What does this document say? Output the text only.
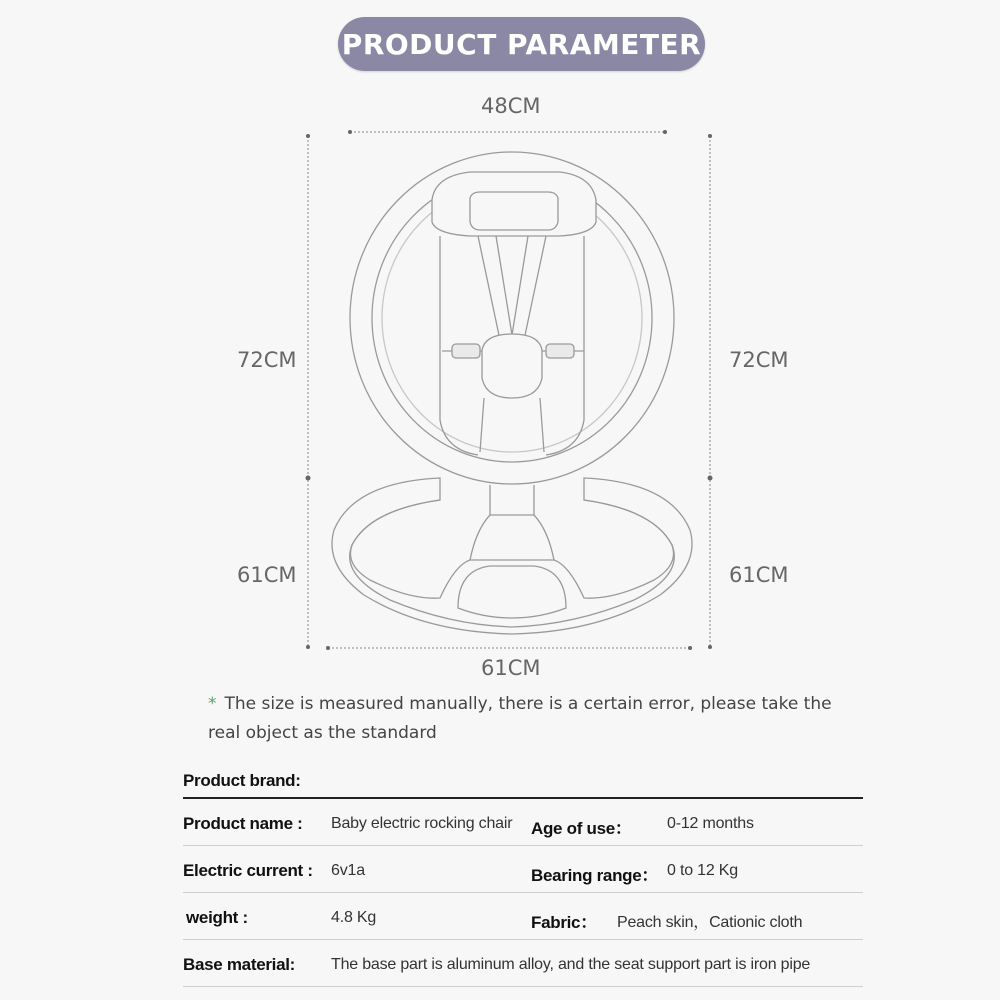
PRODUCT PARAMETER
48CM
72CM	72CM
61CM	61CM
61CM
* The size is measured manually, there is a certain error, please take the real object as the standard
Product brand:
Product name : Baby electric rocking chair Age of use： 0-12 months
Electric current : 6v1a	Bearing range： 0 to 12 Kg
weight :	4.8 Kg	Fabric： Peach skin，Cationic cloth
Base material: The base part is aluminum alloy, and the seat support part is iron pipe
